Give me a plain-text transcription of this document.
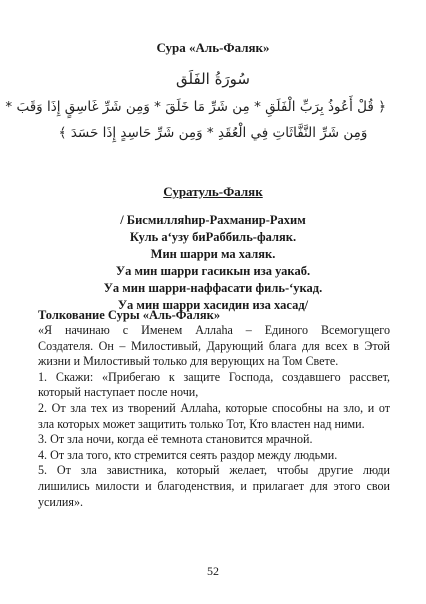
Сура «Аль-Фаляк»
سُورَةُ الفَلَق
﴿ قُلْ أَعُوذُ بِرَبِّ الْفَلَقِ * مِن شَرِّ مَا خَلَقَ * وَمِن شَرِّ غَاسِقٍ إِذَا وَقَبَ *
وَمِن شَرِّ النَّفَّاثَاتِ فِي الْعُقَدِ * وَمِن شَرِّ حَاسِدٍ إِذَا حَسَدَ ﴾
Суратуль-Фаляк
/ Бисмилляһир-Рахманир-Рахим
Куль а‘узу биРаббиль-фаляк.
Мин шарри ма халяк.
Уа мин шарри гасикын иза уакаб.
Уа мин шарри-наффасати филь-‘укад.
Уа мин шарри хасидин иза хасад/
Толкование Суры «Аль-Фаляк»
«Я начинаю с Именем Аллаһа – Единого Всемогущего
Создателя. Он – Милостивый, Дарующий блага для всех в Этой
жизни и Милостивый только для верующих на Том Свете.
1. Скажи: «Прибегаю к защите Господа, создавшего рассвет,
который наступает после ночи,
2. От зла тех из творений Аллаһа, которые способны на зло, и от
зла которых может защитить только Тот, Кто властен над ними.
3. От зла ночи, когда её темнота становится мрачной.
4. От зла того, кто стремится сеять раздор между людьми.
5. От зла завистника, который желает, чтобы другие люди
лишились милости и благоденствия, и прилагает для этого свои
усилия».
52
